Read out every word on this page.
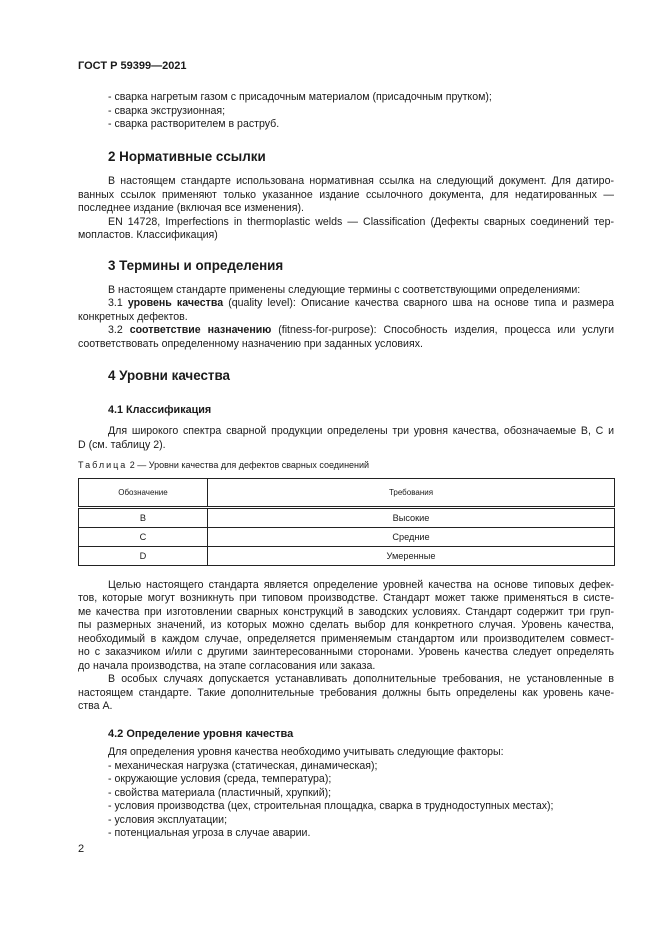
ГОСТ Р 59399—2021
- сварка нагретым газом с присадочным материалом (присадочным прутком);
- сварка экструзионная;
- сварка растворителем в раструб.
2 Нормативные ссылки
В настоящем стандарте использована нормативная ссылка на следующий документ. Для датиро-
ванных ссылок применяют только указанное издание ссылочного документа, для недатированных —
последнее издание (включая все изменения).
EN 14728, Imperfections in thermoplastic welds — Classification (Дефекты сварных соединений тер-
мопластов. Классификация)
3 Термины и определения
В настоящем стандарте применены следующие термины с соответствующими определениями:
3.1 уровень качества (quality level): Описание качества сварного шва на основе типа и размера
конкретных дефектов.
3.2 соответствие назначению (fitness-for-purpose): Способность изделия, процесса или услуги
соответствовать определенному назначению при заданных условиях.
4 Уровни качества
4.1 Классификация
Для широкого спектра сварной продукции определены три уровня качества, обозначаемые B, C и
D (см. таблицу 2).
Таблица 2 — Уровни качества для дефектов сварных соединений
Обозначение	Требования
B	Высокие
C	Средние
D	Умеренные
Целью настоящего стандарта является определение уровней качества на основе типовых дефек-
тов, которые могут возникнуть при типовом производстве. Стандарт может также применяться в систе-
ме качества при изготовлении сварных конструкций в заводских условиях. Стандарт содержит три груп-
пы размерных значений, из которых можно сделать выбор для конкретного случая. Уровень качества,
необходимый в каждом случае, определяется применяемым стандартом или производителем совмест-
но с заказчиком и/или с другими заинтересованными сторонами. Уровень качества следует определять
до начала производства, на этапе согласования или заказа.
В особых случаях допускается устанавливать дополнительные требования, не установленные в
настоящем стандарте. Такие дополнительные требования должны быть определены как уровень каче-
ства А.
4.2 Определение уровня качества
Для определения уровня качества необходимо учитывать следующие факторы:
- механическая нагрузка (статическая, динамическая);
- окружающие условия (среда, температура);
- свойства материала (пластичный, хрупкий);
- условия производства (цех, строительная площадка, сварка в труднодоступных местах);
- условия эксплуатации;
- потенциальная угроза в случае аварии.
2
